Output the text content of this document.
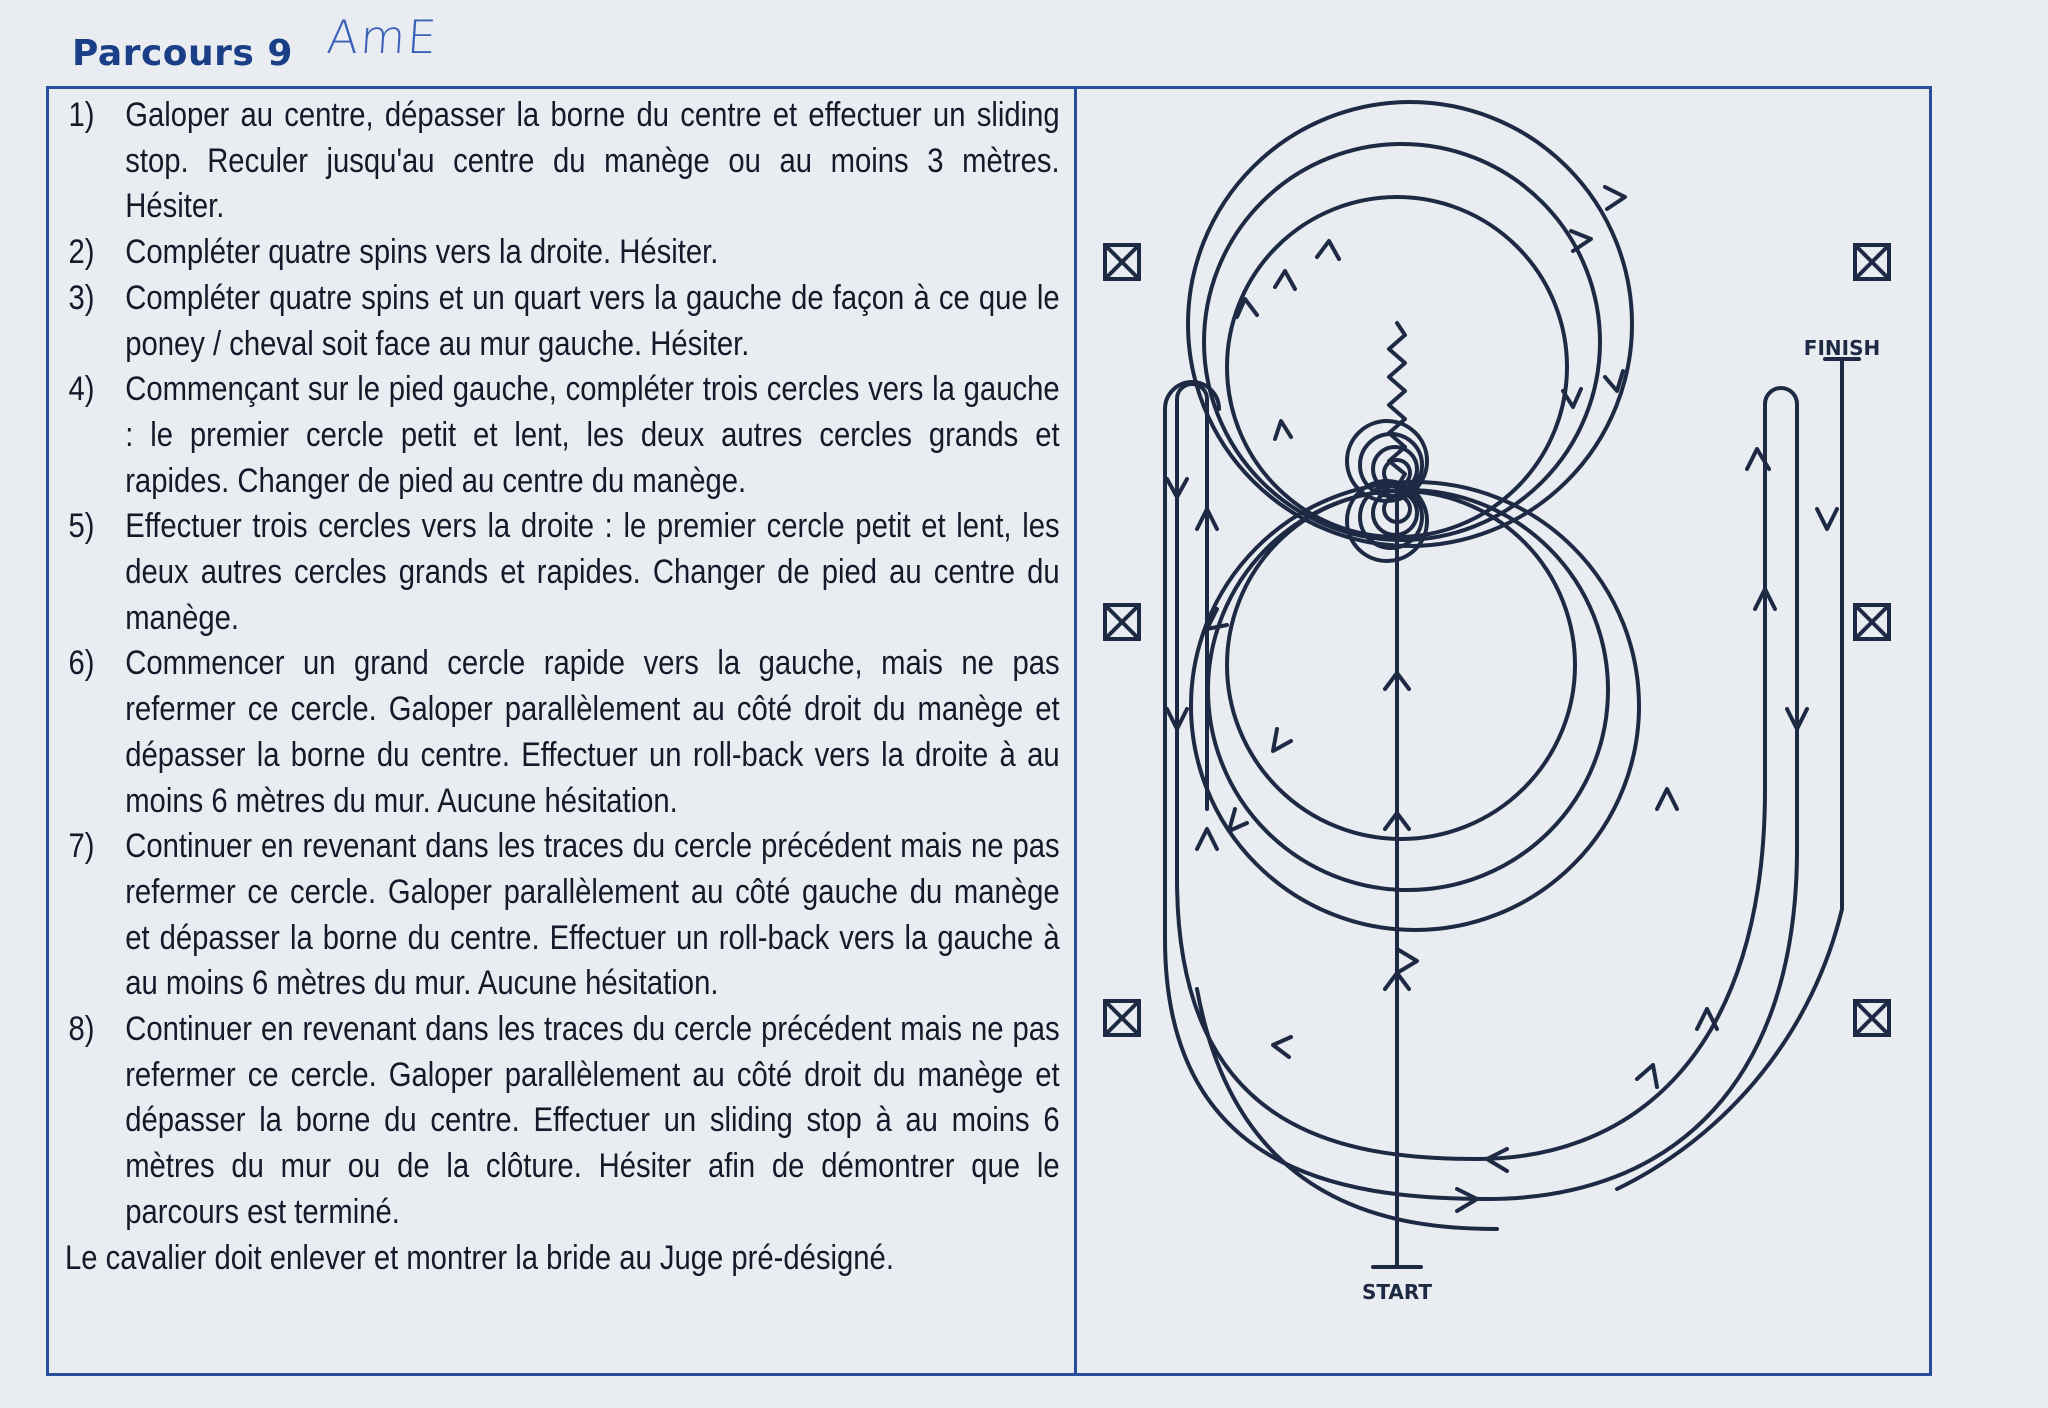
Parcours 9 AmE
1) Galoper au centre, dépasser la borne du centre et effectuer un sliding stop. Reculer jusqu'au centre du manège ou au moins 3 mètres. Hésiter.
2) Compléter quatre spins vers la droite. Hésiter.
3) Compléter quatre spins et un quart vers la gauche de façon à ce que le poney / cheval soit face au mur gauche. Hésiter.
4) Commençant sur le pied gauche, compléter trois cercles vers la gauche : le premier cercle petit et lent, les deux autres cercles grands et rapides. Changer de pied au centre du manège.
5) Effectuer trois cercles vers la droite : le premier cercle petit et lent, les deux autres cercles grands et rapides. Changer de pied au centre du manège.
6) Commencer un grand cercle rapide vers la gauche, mais ne pas refermer ce cercle. Galoper parallèlement au côté droit du manège et dépasser la borne du centre. Effectuer un roll-back vers la droite à au moins 6 mètres du mur. Aucune hésitation.
7) Continuer en revenant dans les traces du cercle précédent mais ne pas refermer ce cercle. Galoper parallèlement au côté gauche du manège et dépasser la borne du centre. Effectuer un roll-back vers la gauche à au moins 6 mètres du mur. Aucune hésitation.
8) Continuer en revenant dans les traces du cercle précédent mais ne pas refermer ce cercle. Galoper parallèlement au côté droit du manège et dépasser la borne du centre. Effectuer un sliding stop à au moins 6 mètres du mur ou de la clôture. Hésiter afin de démontrer que le parcours est terminé.
Le cavalier doit enlever et montrer la bride au Juge pré-désigné.
START
FINISH
